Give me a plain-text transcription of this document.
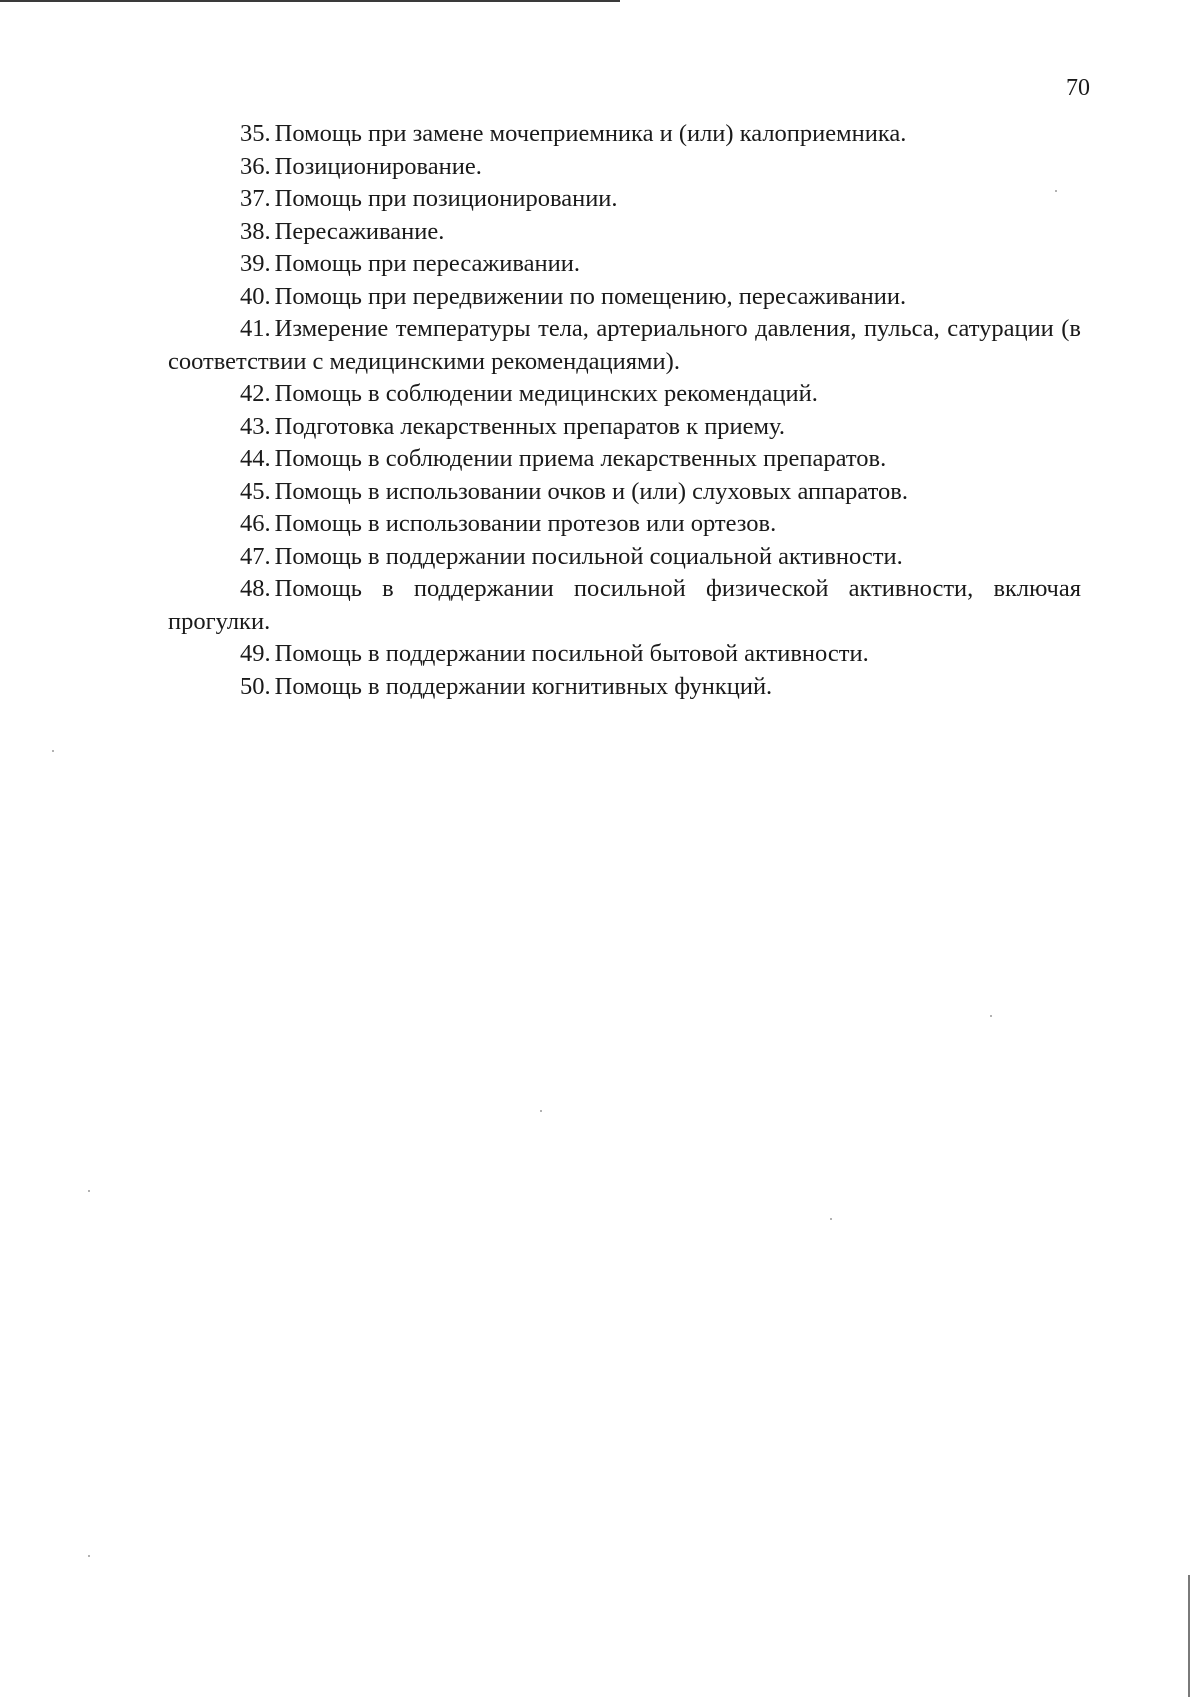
70
35. Помощь при замене мочеприемника и (или) калоприемника.
36. Позиционирование.
37. Помощь при позиционировании.
38. Пересаживание.
39. Помощь при пересаживании.
40. Помощь при передвижении по помещению, пересаживании.
41. Измерение температуры тела, артериального давления, пульса, сатурации (в соответствии с медицинскими рекомендациями).
42. Помощь в соблюдении медицинских рекомендаций.
43. Подготовка лекарственных препаратов к приему.
44. Помощь в соблюдении приема лекарственных препаратов.
45. Помощь в использовании очков и (или) слуховых аппаратов.
46. Помощь в использовании протезов или ортезов.
47. Помощь в поддержании посильной социальной активности.
48. Помощь в поддержании посильной физической активности, включая прогулки.
49. Помощь в поддержании посильной бытовой активности.
50. Помощь в поддержании когнитивных функций.
